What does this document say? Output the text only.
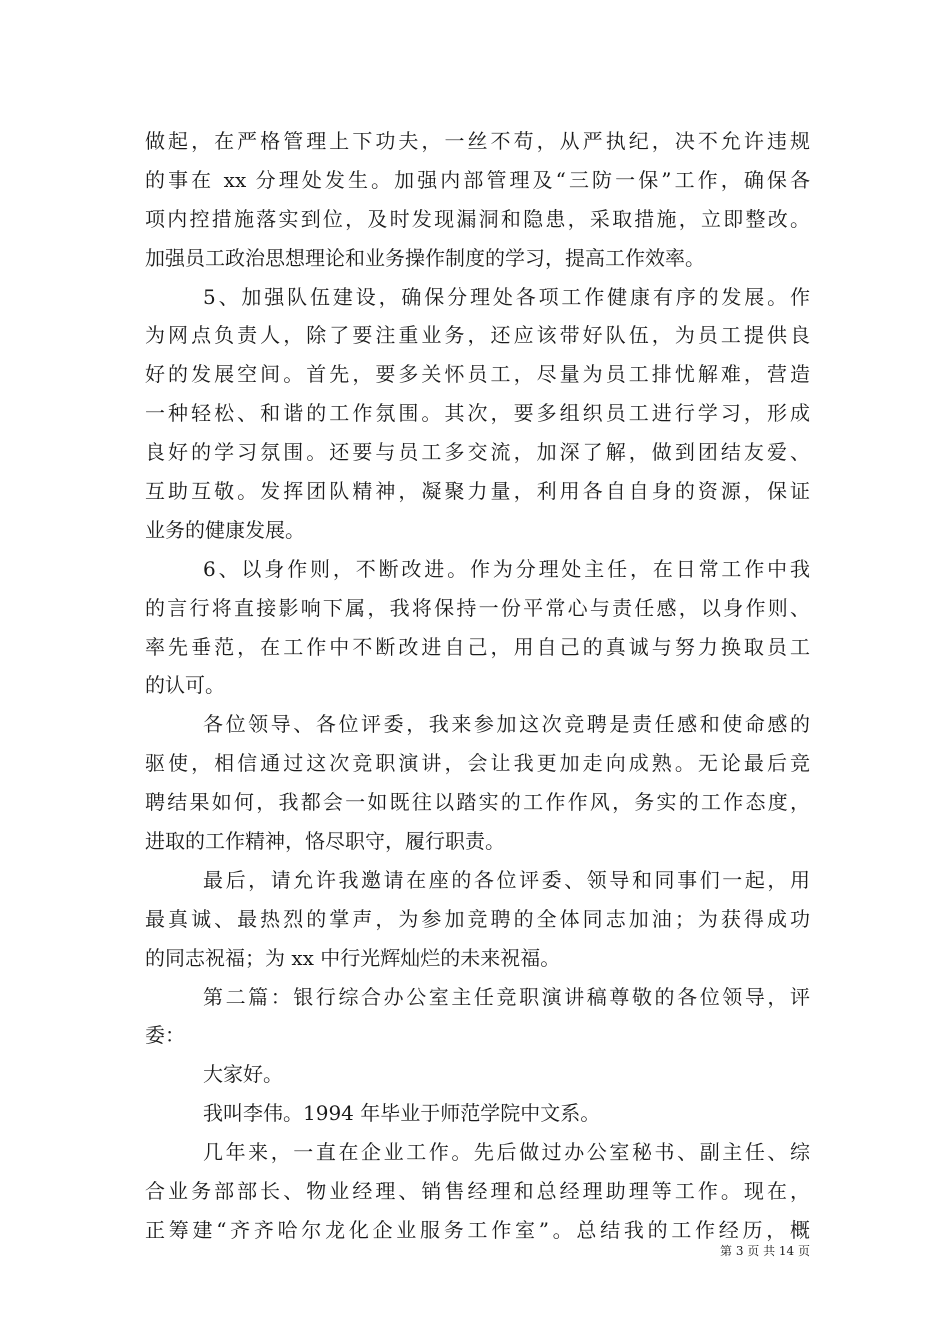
做起，在严格管理上下功夫，一丝不苟，从严执纪，决不允许违规
的事在 xx 分理处发生。加强内部管理及“三防一保”工作，确保各
项内控措施落实到位，及时发现漏洞和隐患，采取措施，立即整改。
加强员工政治思想理论和业务操作制度的学习，提高工作效率。
5、加强队伍建设，确保分理处各项工作健康有序的发展。作
为网点负责人，除了要注重业务，还应该带好队伍，为员工提供良
好的发展空间。首先，要多关怀员工，尽量为员工排忧解难，营造
一种轻松、和谐的工作氛围。其次，要多组织员工进行学习，形成
良好的学习氛围。还要与员工多交流，加深了解，做到团结友爱、
互助互敬。发挥团队精神，凝聚力量，利用各自自身的资源，保证
业务的健康发展。
6、以身作则，不断改进。作为分理处主任，在日常工作中我
的言行将直接影响下属，我将保持一份平常心与责任感，以身作则、
率先垂范，在工作中不断改进自己，用自己的真诚与努力换取员工
的认可。
各位领导、各位评委，我来参加这次竞聘是责任感和使命感的
驱使，相信通过这次竞职演讲，会让我更加走向成熟。无论最后竞
聘结果如何，我都会一如既往以踏实的工作作风，务实的工作态度，
进取的工作精神，恪尽职守，履行职责。
最后，请允许我邀请在座的各位评委、领导和同事们一起，用
最真诚、最热烈的掌声，为参加竞聘的全体同志加油；为获得成功
的同志祝福；为 xx 中行光辉灿烂的未来祝福。
第二篇：银行综合办公室主任竞职演讲稿尊敬的各位领导，评
委：
大家好。
我叫李伟。1994 年毕业于师范学院中文系。
几年来，一直在企业工作。先后做过办公室秘书、副主任、综
合业务部部长、物业经理、销售经理和总经理助理等工作。现在，
正筹建“齐齐哈尔龙化企业服务工作室”。总结我的工作经历，概
第 3 页 共 14 页
